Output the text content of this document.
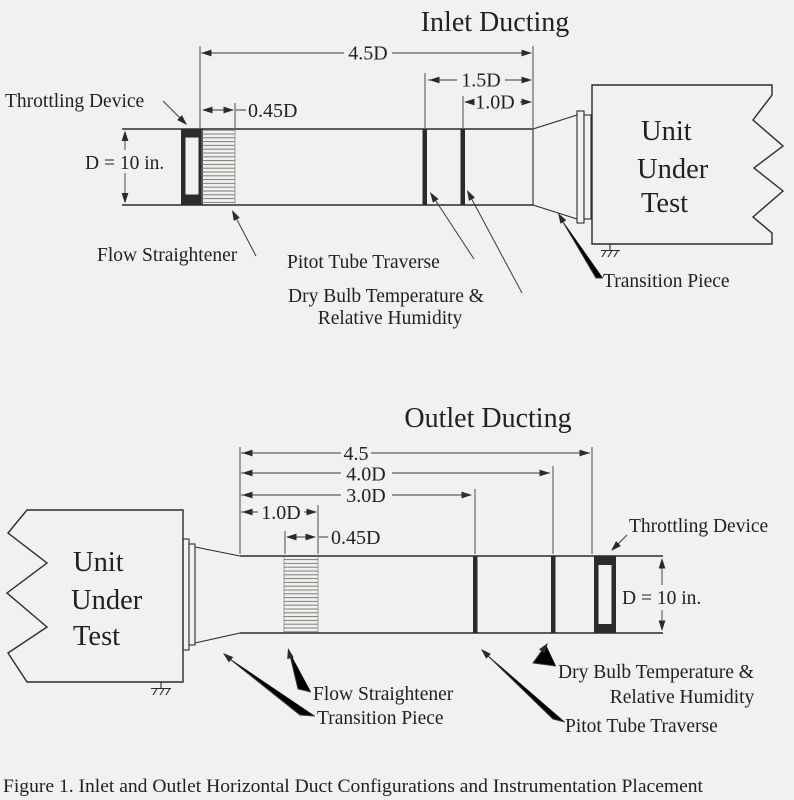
Inlet Ducting
4.5D
1.5D
1.0D
0.45D
Throttling Device
D = 10 in.
Flow Straightener	Pitot Tube Traverse
Dry Bulb Temperature &
Relative Humidity
Transition Piece
Unit
Under
Test
Outlet Ducting
4.5
4.0D
3.0D
1.0D
0.45D
Throttling Device
D = 10 in.
Flow Straightener
Transition Piece	Pitot Tube Traverse
Dry Bulb Temperature &
Relative Humidity
Unit
Under
Test
Figure 1. Inlet and Outlet Horizontal Duct Configurations and Instrumentation Placement
